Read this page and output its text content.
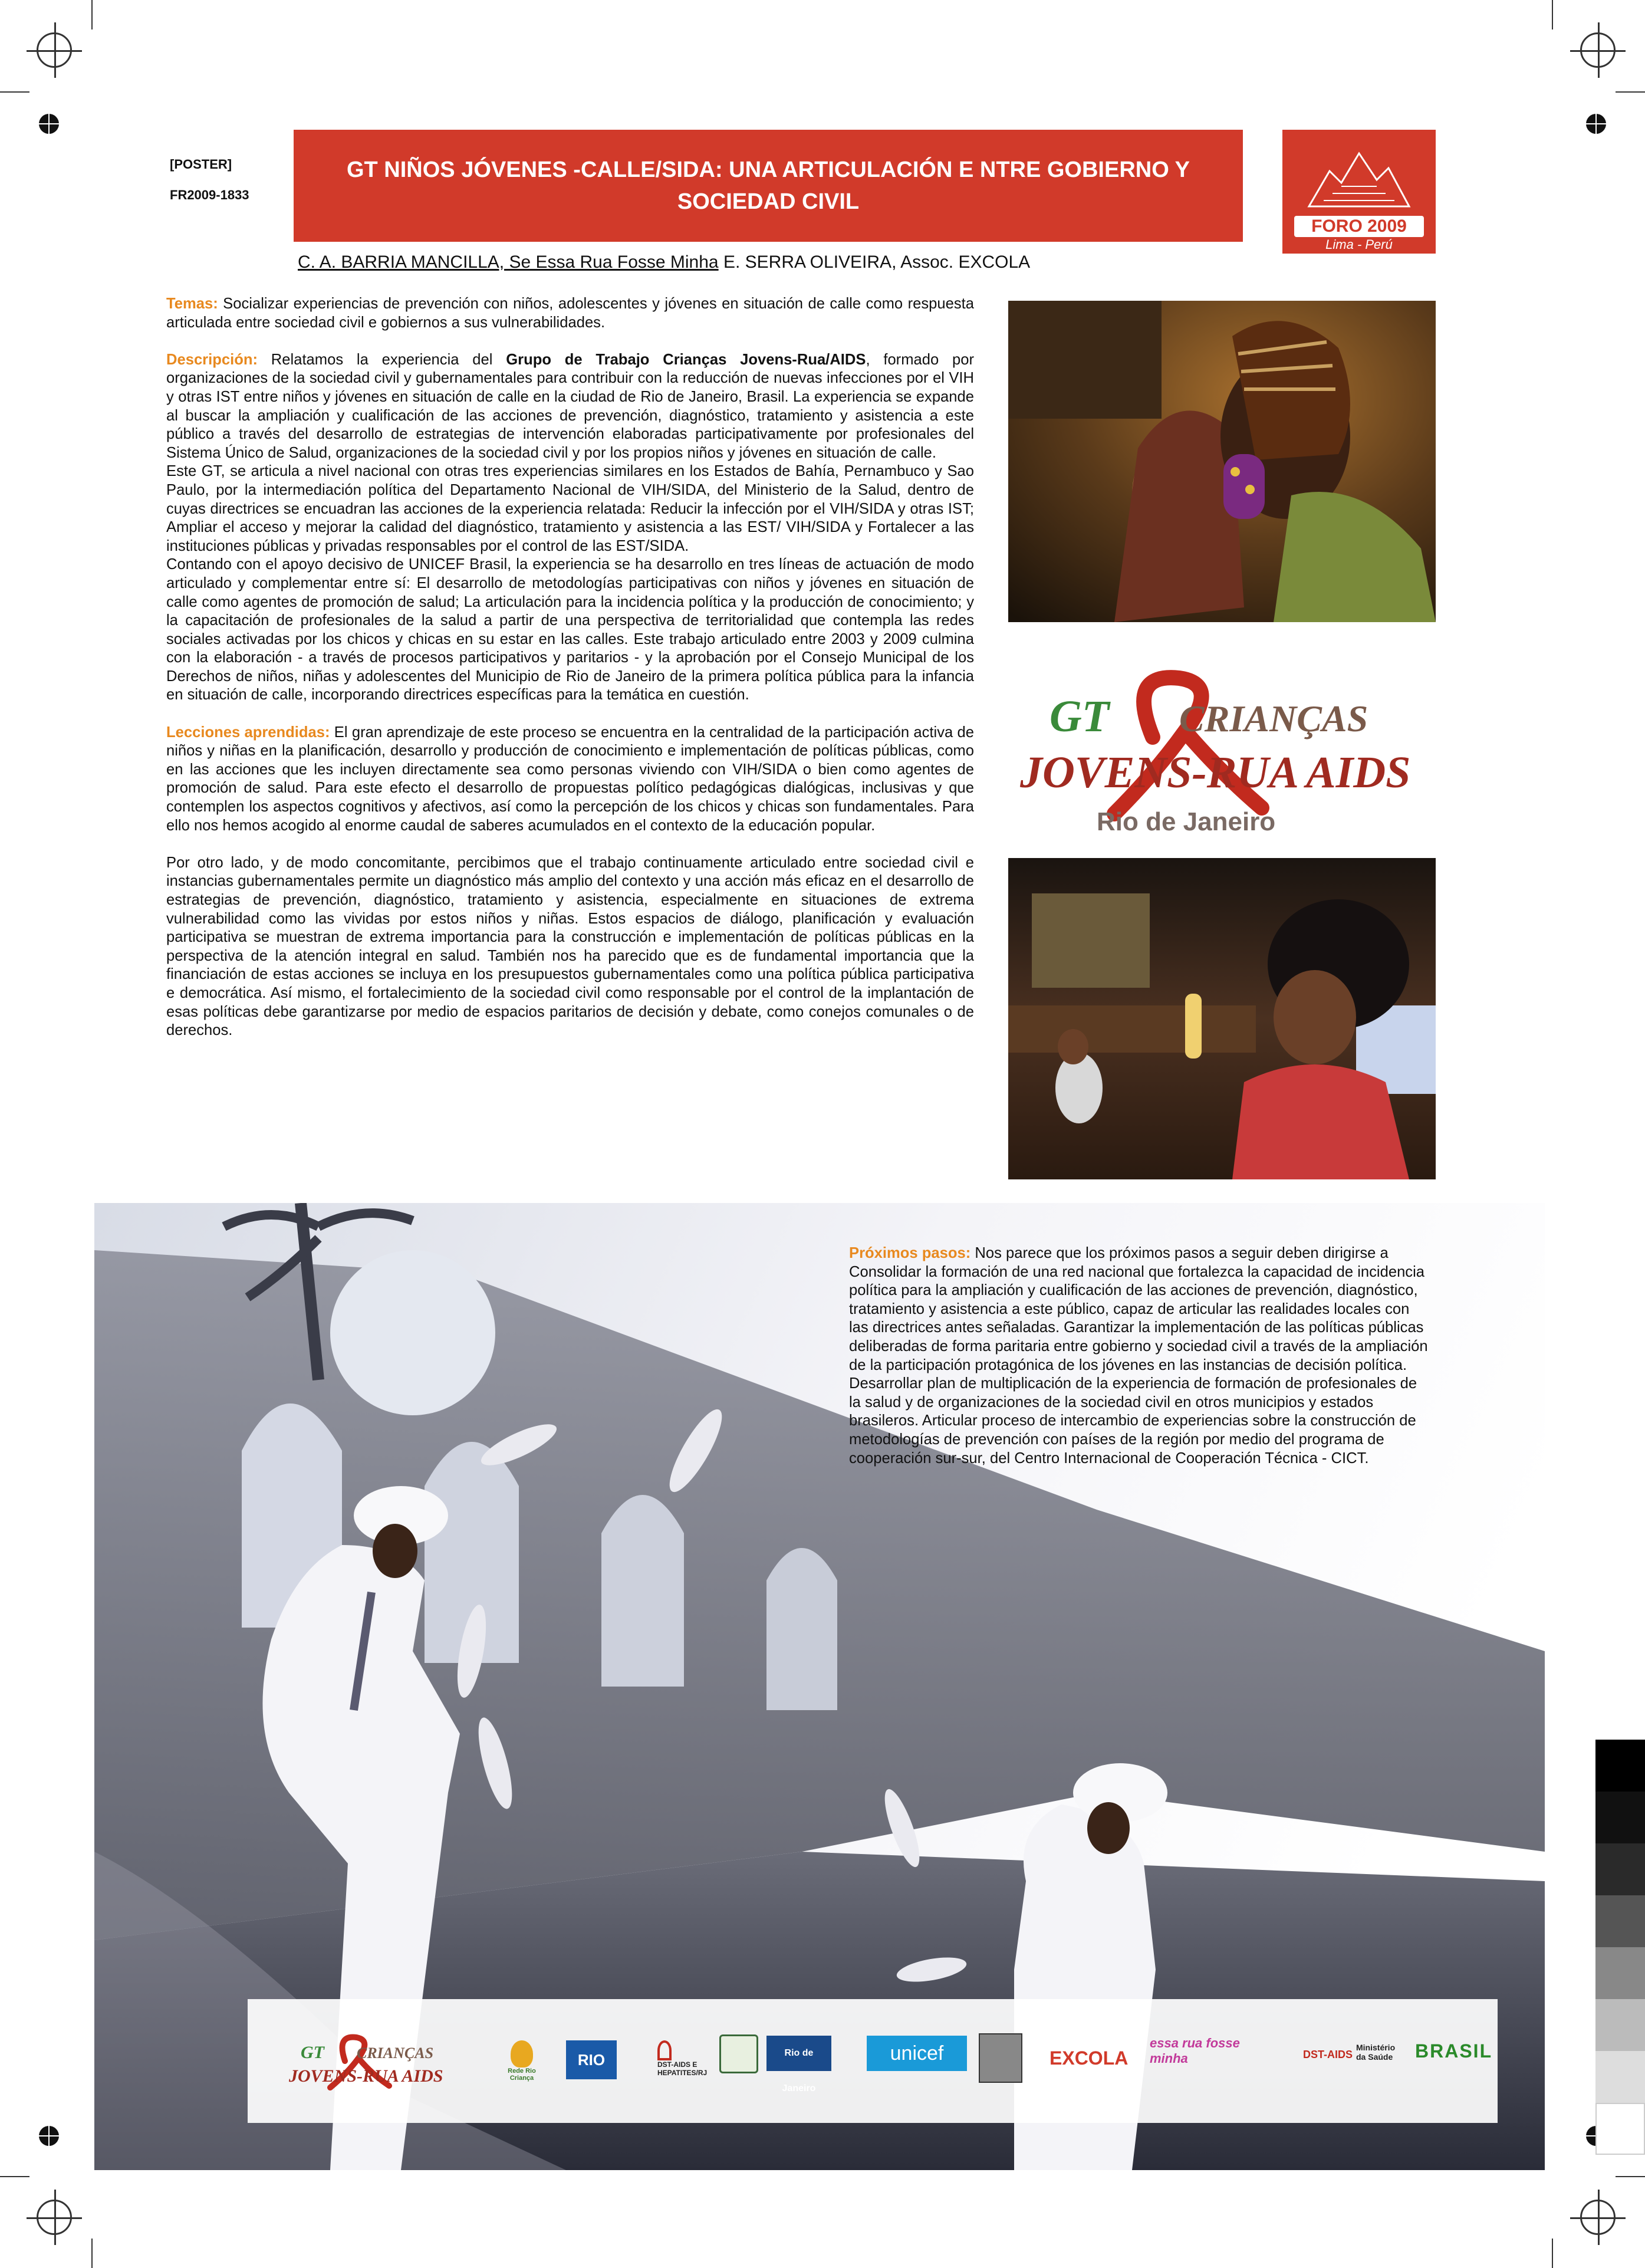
[POSTER]
FR2009-1833
GT NIÑOS JÓVENES -CALLE/SIDA: UNA ARTICULACIÓN E NTRE GOBIERNO Y SOCIEDAD CIVIL
C. A. BARRIA MANCILLA, Se Essa Rua Fosse Minha E. SERRA OLIVEIRA, Assoc. EXCOLA
FORO 2009
Lima - Perú

Temas: Socializar experiencias de prevención con niños, adolescentes y jóvenes en situación de calle como respuesta articulada entre sociedad civil e gobiernos a sus vulnerabilidades.

Descripción: Relatamos la experiencia del Grupo de Trabajo Crianças Jovens-Rua/AIDS, formado por organizaciones de la sociedad civil y gubernamentales para contribuir con la reducción de nuevas infecciones por el VIH y otras IST entre niños y jóvenes en situación de calle en la ciudad de Rio de Janeiro, Brasil. La experiencia se expande al buscar la ampliación y cualificación de las acciones de prevención, diagnóstico, tratamiento y asistencia a este público a través del desarrollo de estrategias de intervención elaboradas participativamente por profesionales del Sistema Único de Salud, organizaciones de la sociedad civil y por los propios niños y jóvenes en situación de calle.

Este GT, se articula a nivel nacional con otras tres experiencias similares en los Estados de Bahía, Pernambuco y Sao Paulo, por la intermediación política del Departamento Nacional de VIH/SIDA, del Ministerio de la Salud, dentro de cuyas directrices se encuadran las acciones de la experiencia relatada: Reducir la infección por el VIH/SIDA y otras IST; Ampliar el acceso y mejorar la calidad del diagnóstico, tratamiento y asistencia a las EST/ VIH/SIDA y Fortalecer a las instituciones públicas y privadas responsables por el control de las EST/SIDA.

Contando con el apoyo decisivo de UNICEF Brasil, la experiencia se ha desarrollo en tres líneas de actuación de modo articulado y complementar entre sí: El desarrollo de metodologías participativas con niños y jóvenes en situación de calle como agentes de promoción de salud; La articulación para la incidencia política y la producción de conocimiento; y la capacitación de profesionales de la salud a partir de una perspectiva de territorialidad que contempla las redes sociales activadas por los chicos y chicas en su estar en las calles. Este trabajo articulado entre 2003 y 2009 culmina con la elaboración - a través de procesos participativos y paritarios - y la aprobación por el Consejo Municipal de los Derechos de niños, niñas y adolescentes del Municipio de Rio de Janeiro de la primera política pública para la infancia en situación de calle, incorporando directrices específicas para la temática en cuestión.

Lecciones aprendidas: El gran aprendizaje de este proceso se encuentra en la centralidad de la participación activa de niños y niñas en la planificación, desarrollo y producción de conocimiento e implementación de políticas públicas, como en las acciones que les incluyen directamente sea como personas viviendo con VIH/SIDA o bien como agentes de promoción de salud. Para este efecto el desarrollo de propuestas político pedagógicas dialógicas, inclusivas y que contemplen los aspectos cognitivos y afectivos, así como la percepción de los chicos y chicas son fundamentales. Para ello nos hemos acogido al enorme caudal de saberes acumulados en el contexto de la educación popular.

Por otro lado, y de modo concomitante, percibimos que el trabajo continuamente articulado entre sociedad civil e instancias gubernamentales permite un diagnóstico más amplio del contexto y una acción más eficaz en el desarrollo de estrategias de prevención, diagnóstico, tratamiento y asistencia, especialmente en situaciones de extrema vulnerabilidad como las vividas por estos niños y niñas. Estos espacios de diálogo, planificación y evaluación participativa se muestran de extrema importancia para la construcción e implementación de políticas públicas en la perspectiva de la atención integral en salud. También nos ha parecido que es de fundamental importancia que la financiación de estas acciones se incluya en los presupuestos gubernamentales como una política pública participativa e democrática. Así mismo, el fortalecimiento de la sociedad civil como responsable por el control de la implantación de esas políticas debe garantizarse por medio de espacios paritarios de decisión y debate, como conejos comunales o de derechos.

GT CRIANÇAS
JOVENS-RUA AIDS
Rio de Janeiro
Próximos pasos: Nos parece que los próximos pasos a seguir deben dirigirse a Consolidar la formación de una red nacional que fortalezca la capacidad de incidencia política para la ampliación y cualificación de las acciones de prevención, diagnóstico, tratamiento y asistencia a este público, capaz de articular las realidades locales con las directrices antes señaladas. Garantizar la implementación de las políticas públicas deliberadas de forma paritaria entre gobierno y sociedad civil a través de la ampliación de la participación protagónica de los jóvenes en las instancias de decisión política. Desarrollar plan de multiplicación de la experiencia de formación de profesionales de la salud y de organizaciones de la sociedad civil en otros municipios y estados brasileros. Articular proceso de intercambio de experiencias sobre la construcción de metodologías de prevención con países de la región por medio del programa de cooperación sur-sur, del Centro Internacional de Cooperación Técnica - CICT.
GT CRIANÇAS
JOVENS-RUA AIDS	Rede Rio Criança
RIO	DST-AIDS E HEPATITES/RJ
Rio de Janeiro
unicef	EXCOLA
essa rua fosse minha	DST-AIDS
Ministério da Saúde	BRASIL
